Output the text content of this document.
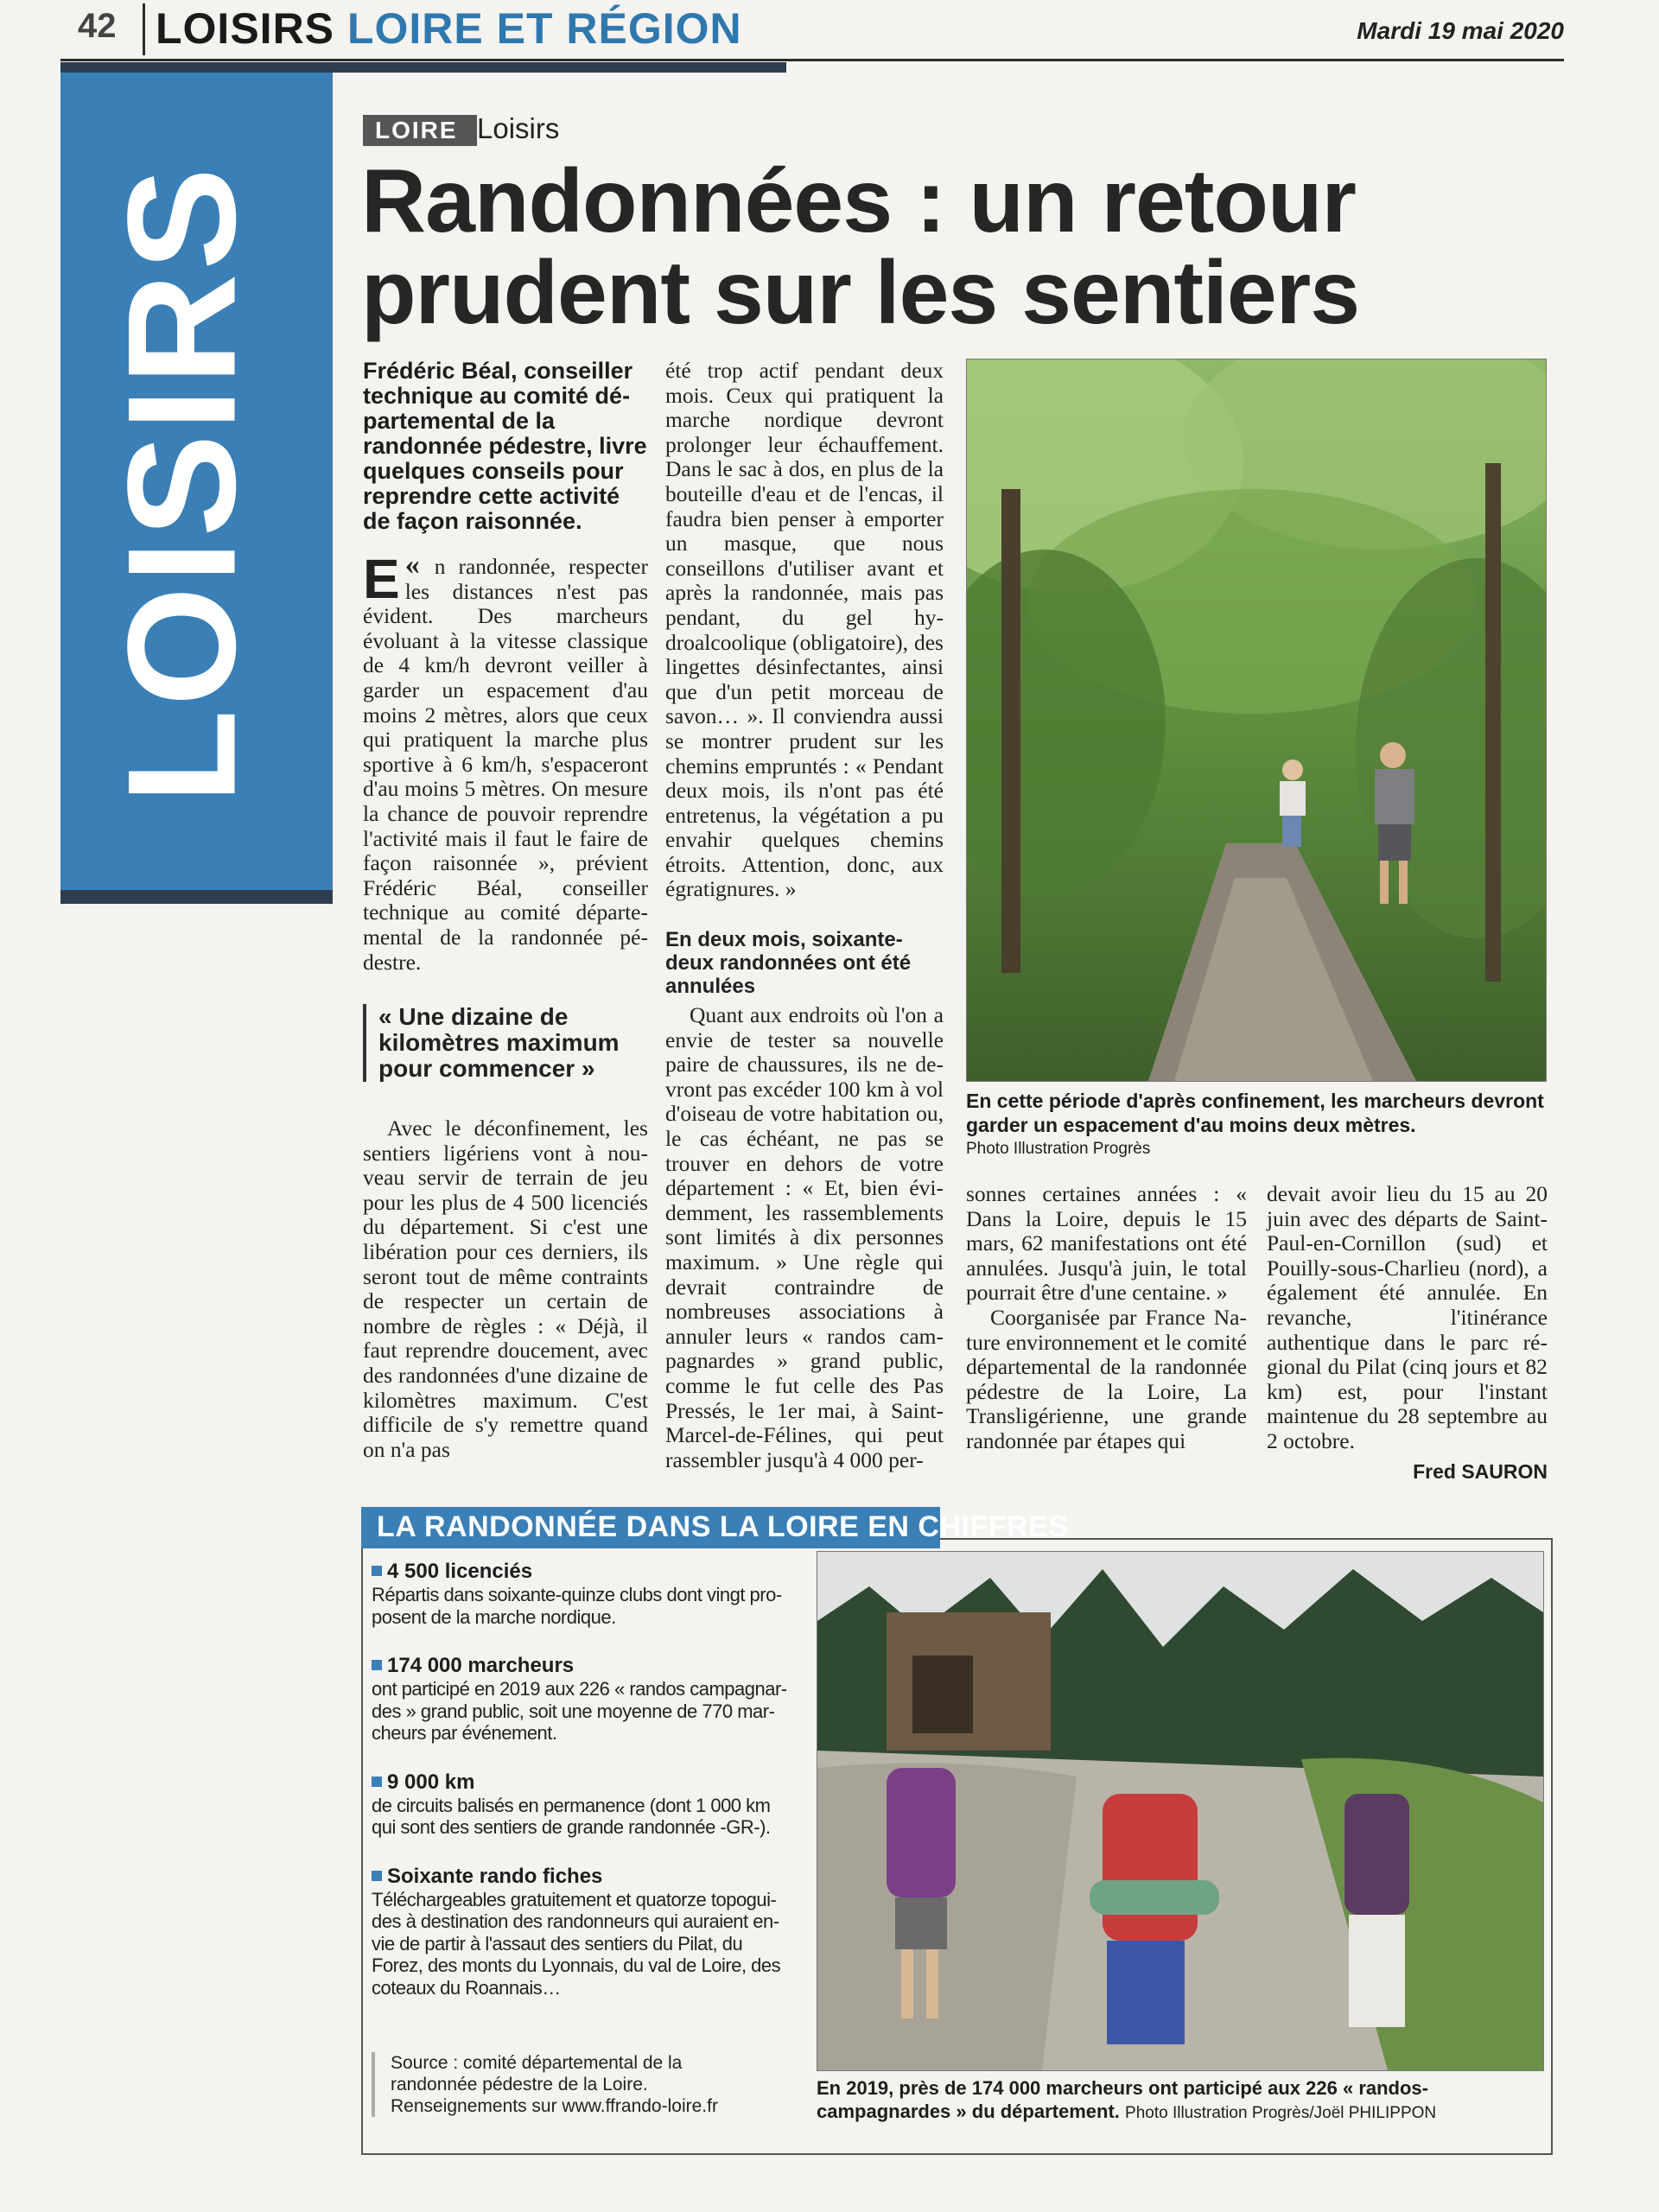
42 LOISIRS LOIRE ET RÉGION	Mardi 19 mai 2020
LOISIRS
LOIRE Loisirs
Randonnées : un retour prudent sur les sentiers
Frédéric Béal, conseiller technique au comité départemental de la randonnée pédestre, livre quelques conseils pour reprendre cette activité de façon raisonnée.

«
E n randonnée, respecter les distances n'est pas évident. Des marcheurs évoluant à la vitesse classique de 4 km/h devront veiller à garder un espacement d'au moins 2 mètres, alors que ceux qui pratiquent la marche plus sportive à 6 km/h, s'espaceront d'au moins 5 mètres. On mesure la chance de pouvoir reprendre l'activité mais il faut le faire de façon raisonnée », prévient Frédéric Béal, conseiller technique au comité départemental de la randonnée pédestre.

« Une dizaine de kilomètres maximum pour commencer »

Avec le déconfinement, les sentiers ligériens vont à nouveau servir de terrain de jeu pour les plus de 4 500 licenciés du département. Si c'est une libération pour ces derniers, ils seront tout de même contraints de respecter un certain de nombre de règles : « Déjà, il faut reprendre doucement, avec des randonnées d'une dizaine de kilomètres maximum. C'est difficile de s'y remettre quand on n'a pas

été trop actif pendant deux mois. Ceux qui pratiquent la marche nordique devront prolonger leur échauffement. Dans le sac à dos, en plus de la bouteille d'eau et de l'encas, il faudra bien penser à emporter un masque, que nous conseillons d'utiliser avant et après la randonnée, mais pas pendant, du gel hydroalcoolique (obligatoire), des lingettes désinfectantes, ainsi que d'un petit morceau de savon… ». Il conviendra aussi se montrer prudent sur les chemins empruntés : « Pendant deux mois, ils n'ont pas été entretenus, la végétation a pu envahir quelques chemins étroits. Attention, donc, aux égratignures. »

En deux mois, soixante-deux randonnées ont été annulées

Quant aux endroits où l'on a envie de tester sa nouvelle paire de chaussures, ils ne devront pas excéder 100 km à vol d'oiseau de votre habitation ou, le cas échéant, ne pas se trouver en dehors de votre département : « Et, bien évidemment, les rassemblements sont limités à dix personnes maximum. » Une règle qui devrait contraindre de nombreuses associations à annuler leurs « randos campagnardes » grand public, comme le fut celle des Pas Pressés, le 1er mai, à Saint-Marcel-de-Félines, qui peut rassembler jusqu'à 4 000 per-

En cette période d'après confinement, les marcheurs devront garder un espacement d'au moins deux mètres.
Photo Illustration Progrès

sonnes certaines années : « Dans la Loire, depuis le 15 mars, 62 manifestations ont été annulées. Jusqu'à juin, le total pourrait être d'une centaine. »

Coorganisée par France Nature environnement et le comité départemental de la randonnée pédestre de la Loire, La Transligérienne, une grande randonnée par étapes qui

devait avoir lieu du 15 au 20 juin avec des départs de Saint-Paul-en-Cornillon (sud) et Pouilly-sous-Charlieu (nord), a également été annulée. En revanche, l'itinérance authentique dans le parc régional du Pilat (cinq jours et 82 km) est, pour l'instant maintenue du 28 septembre au 2 octobre.

Fred SAURON
LA RANDONNÉE DANS LA LOIRE EN CHIFFRES
4 500 licenciés
Répartis dans soixante-quinze clubs dont vingt proposent de la marche nordique.
174 000 marcheurs
ont participé en 2019 aux 226 « randos campagnardes » grand public, soit une moyenne de 770 marcheurs par événement.
9 000 km
de circuits balisés en permanence (dont 1 000 km qui sont des sentiers de grande randonnée -GR-).
Soixante rando fiches
Téléchargeables gratuitement et quatorze topoguides à destination des randonneurs qui auraient envie de partir à l'assaut des sentiers du Pilat, du Forez, des monts du Lyonnais, du val de Loire, des coteaux du Roannais…
Source : comité départemental de la randonnée pédestre de la Loire.
Renseignements sur www.ffrando-loire.fr
En 2019, près de 174 000 marcheurs ont participé aux 226 « randos-campagnardes » du département. Photo Illustration Progrès/Joël PHILIPPON
